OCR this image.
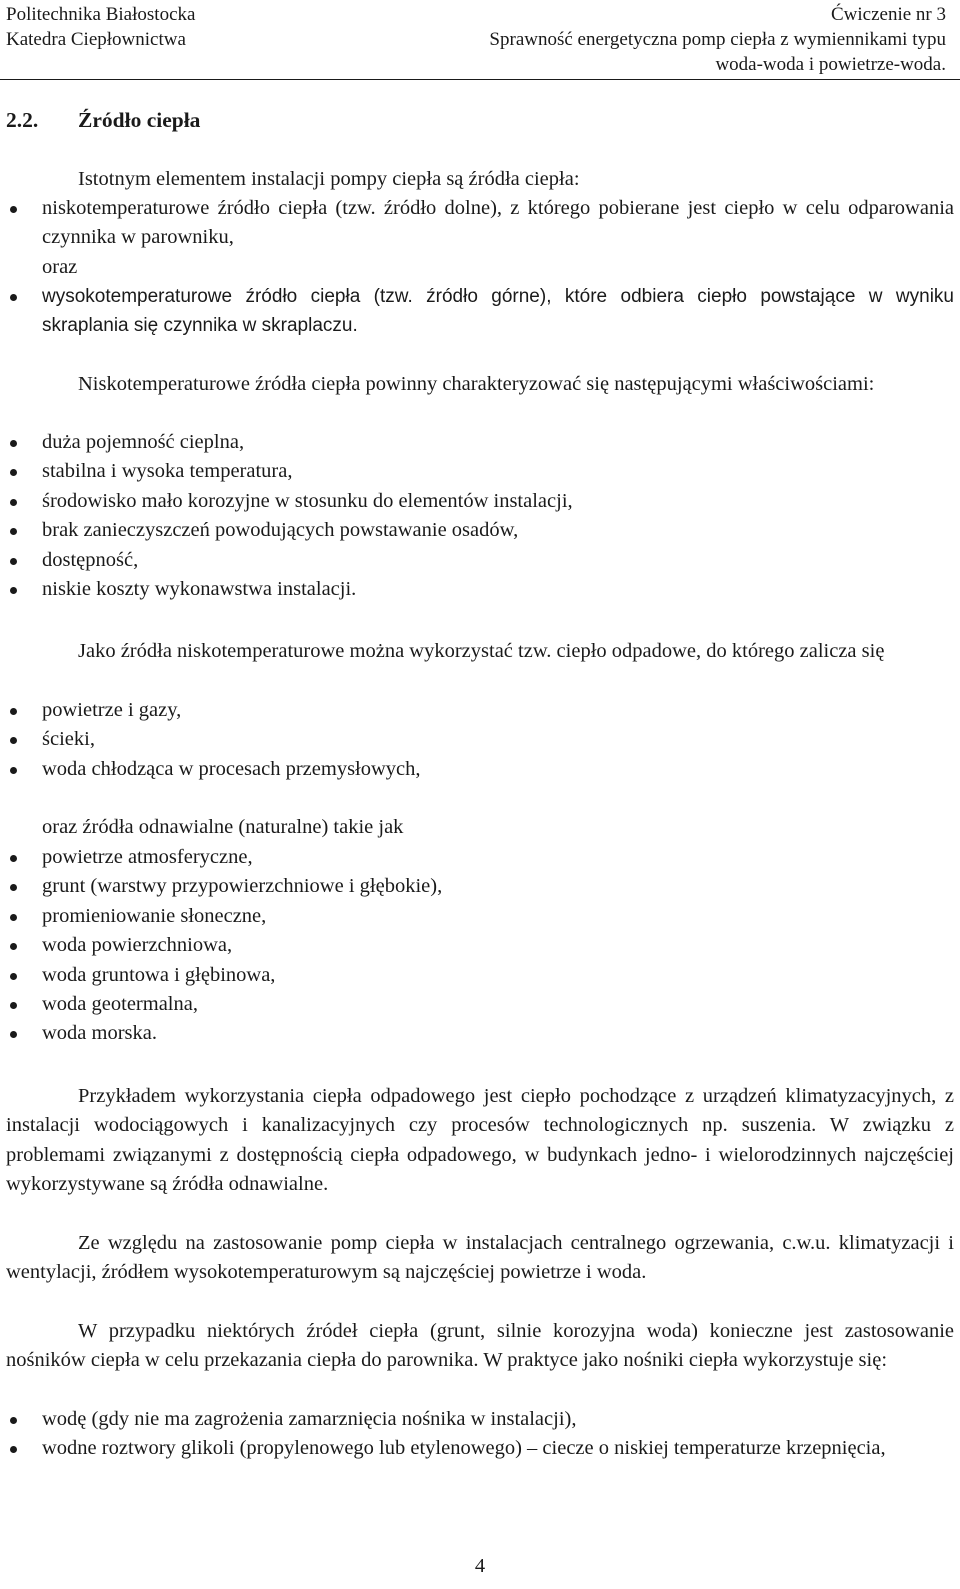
Politechnika Białostocka
Katedra Ciepłownictwa
Ćwiczenie nr 3
Sprawność energetyczna pomp ciepła z wymiennikami typu
woda-woda i powietrze-woda.
2.2. Źródło ciepła

Istotnym elementem instalacji pompy ciepła są źródła ciepła:

niskotemperaturowe źródło ciepła (tzw. źródło dolne), z którego pobierane jest ciepło w celu odparowania czynnika w parowniku,
oraz
wysokotemperaturowe źródło ciepła (tzw. źródło górne), które odbiera ciepło powstające w wyniku skraplania się czynnika w skraplaczu.

Niskotemperaturowe źródła ciepła powinny charakteryzować się następującymi właściwościami:

duża pojemność cieplna,
stabilna i wysoka temperatura,
środowisko mało korozyjne w stosunku do elementów instalacji,
brak zanieczyszczeń powodujących powstawanie osadów,
dostępność,
niskie koszty wykonawstwa instalacji.

Jako źródła niskotemperaturowe można wykorzystać tzw. ciepło odpadowe, do którego zalicza się

powietrze i gazy,
ścieki,
woda chłodząca w procesach przemysłowych,
oraz źródła odnawialne (naturalne) takie jak
powietrze atmosferyczne,
grunt (warstwy przypowierzchniowe i głębokie),
promieniowanie słoneczne,
woda powierzchniowa,
woda gruntowa i głębinowa,
woda geotermalna,
woda morska.

Przykładem wykorzystania ciepła odpadowego jest ciepło pochodzące z urządzeń klimatyzacyjnych, z instalacji wodociągowych i kanalizacyjnych czy procesów technologicznych np. suszenia. W związku z problemami związanymi z dostępnością ciepła odpadowego, w budynkach jedno- i wielorodzinnych najczęściej wykorzystywane są źródła odnawialne.

Ze względu na zastosowanie pomp ciepła w instalacjach centralnego ogrzewania, c.w.u. klimatyzacji i wentylacji, źródłem wysokotemperaturowym są najczęściej powietrze i woda.

W przypadku niektórych źródeł ciepła (grunt, silnie korozyjna woda) konieczne jest zastosowanie nośników ciepła w celu przekazania ciepła do parownika. W praktyce jako nośniki ciepła wykorzystuje się:

wodę (gdy nie ma zagrożenia zamarznięcia nośnika w instalacji),
wodne roztwory glikoli (propylenowego lub etylenowego) – ciecze o niskiej temperaturze krzepnięcia,
4
